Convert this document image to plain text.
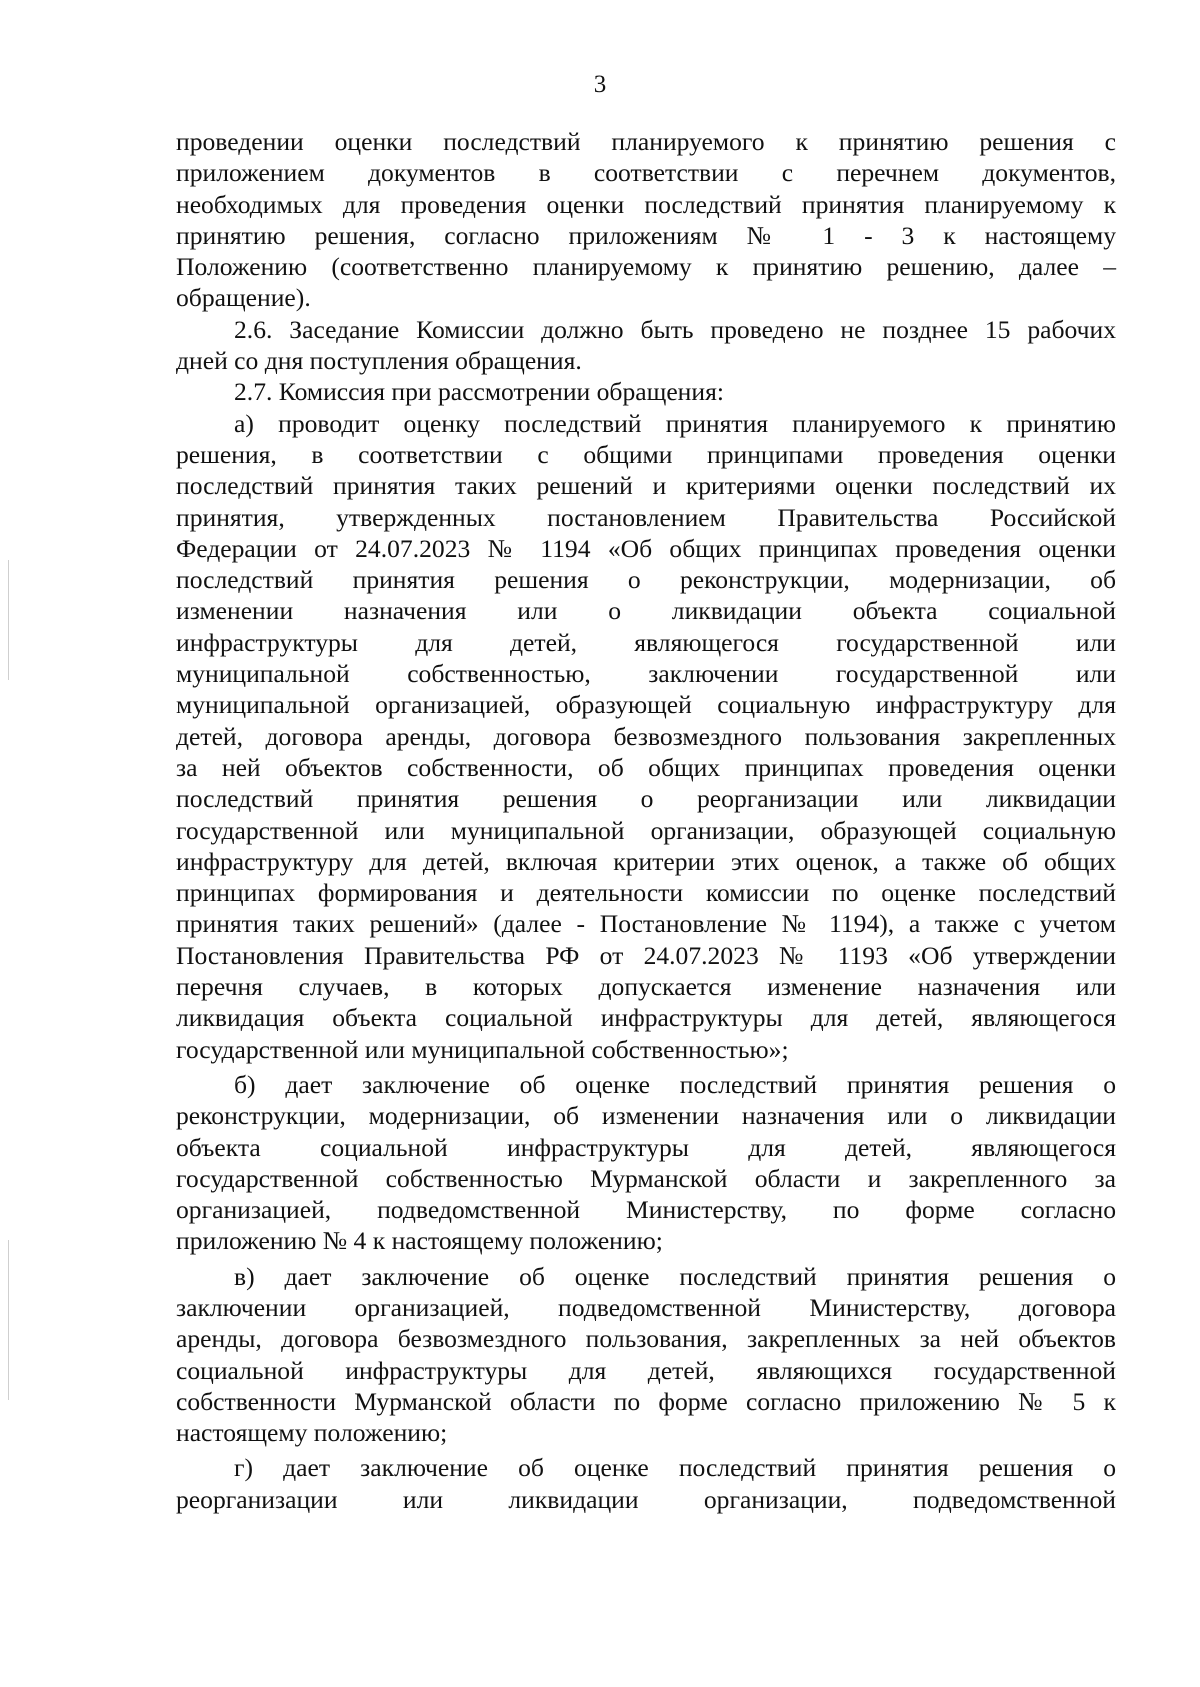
3
проведении оценки последствий планируемого к принятию решения с
приложением документов в соответствии с перечнем документов,
необходимых для проведения оценки последствий принятия планируемому к
принятию решения, согласно приложениям № 1 - 3 к настоящему
Положению (соответственно планируемому к принятию решению, далее –
обращение).
2.6. Заседание Комиссии должно быть проведено не позднее 15 рабочих
дней со дня поступления обращения.
2.7. Комиссия при рассмотрении обращения:
а) проводит оценку последствий принятия планируемого к принятию
решения, в соответствии с общими принципами проведения оценки
последствий принятия таких решений и критериями оценки последствий их
принятия, утвержденных постановлением Правительства Российской
Федерации от 24.07.2023 № 1194 «Об общих принципах проведения оценки
последствий принятия решения о реконструкции, модернизации, об
изменении назначения или о ликвидации объекта социальной
инфраструктуры для детей, являющегося государственной или
муниципальной собственностью, заключении государственной или
муниципальной организацией, образующей социальную инфраструктуру для
детей, договора аренды, договора безвозмездного пользования закрепленных
за ней объектов собственности, об общих принципах проведения оценки
последствий принятия решения о реорганизации или ликвидации
государственной или муниципальной организации, образующей социальную
инфраструктуру для детей, включая критерии этих оценок, а также об общих
принципах формирования и деятельности комиссии по оценке последствий
принятия таких решений» (далее - Постановление № 1194), а также с учетом
Постановления Правительства РФ от 24.07.2023 № 1193 «Об утверждении
перечня случаев, в которых допускается изменение назначения или
ликвидация объекта социальной инфраструктуры для детей, являющегося
государственной или муниципальной собственностью»;
б) дает заключение об оценке последствий принятия решения о
реконструкции, модернизации, об изменении назначения или о ликвидации
объекта социальной инфраструктуры для детей, являющегося
государственной собственностью Мурманской области и закрепленного за
организацией, подведомственной Министерству, по форме согласно
приложению № 4 к настоящему положению;
в) дает заключение об оценке последствий принятия решения о
заключении организацией, подведомственной Министерству, договора
аренды, договора безвозмездного пользования, закрепленных за ней объектов
социальной инфраструктуры для детей, являющихся государственной
собственности Мурманской области по форме согласно приложению № 5 к
настоящему положению;
г) дает заключение об оценке последствий принятия решения о
реорганизации или ликвидации организации, подведомственной
